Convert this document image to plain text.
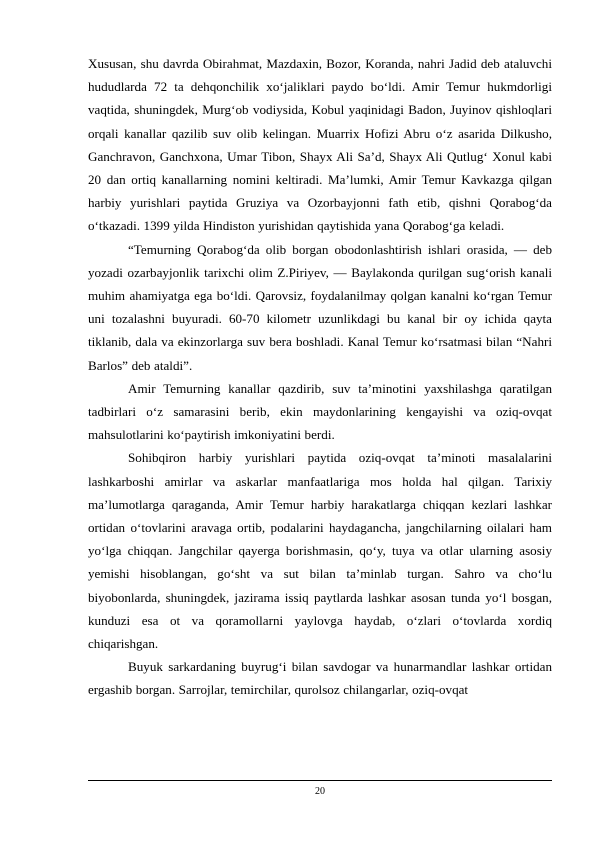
Xususan, shu davrda Obirahmat, Mazdaxin, Bozor, Koranda, nahri Jadid deb ataluvchi hududlarda 72 ta dehqonchilik xo‘jaliklari paydo bo‘ldi. Amir Temur hukmdorligi vaqtida, shuningdek, Murg‘ob vodiysida, Kobul yaqinidagi Badon, Juyinov qishloqlari orqali kanallar qazilib suv olib kelingan. Muarrix Hofizi Abru o‘z asarida Dilkusho, Ganchravon, Ganchxona, Umar Tibon, Shayx Ali Sa’d, Shayx Ali Qutlug‘ Xonul kabi 20 dan ortiq kanallarning nomini keltiradi. Ma’lumki, Amir Temur Kavkazga qilgan harbiy yurishlari paytida Gruziya va Ozorbayjonni fath etib, qishni Qorabog‘da o‘tkazadi. 1399 yilda Hindiston yurishidan qaytishida yana Qorabog‘ga keladi.

“Temurning Qorabog‘da olib borgan obodonlashtirish ishlari orasida, — deb yozadi ozarbayjonlik tarixchi olim Z.Piriyev, — Baylakonda qurilgan sug‘orish kanali muhim ahamiyatga ega bo‘ldi. Qarovsiz, foydalanilmay qolgan kanalni ko‘rgan Temur uni tozalashni buyuradi. 60-70 kilometr uzunlikdagi bu kanal bir oy ichida qayta tiklanib, dala va ekinzorlarga suv bera boshladi. Kanal Temur ko‘rsatmasi bilan “Nahri Barlos” deb ataldi”.

Amir Temurning kanallar qazdirib, suv ta’minotini yaxshilashga qaratilgan tadbirlari o‘z samarasini berib, ekin maydonlarining kengayishi va oziq-ovqat mahsulotlarini ko‘paytirish imkoniyatini berdi.

Sohibqiron harbiy yurishlari paytida oziq-ovqat ta’minoti masalalarini lashkarboshi amirlar va askarlar manfaatlariga mos holda hal qilgan. Tarixiy ma’lumotlarga qaraganda, Amir Temur harbiy harakatlarga chiqqan kezlari lashkar ortidan o‘tovlarini aravaga ortib, podalarini haydagancha, jangchilarning oilalari ham yo‘lga chiqqan. Jangchilar qayerga borishmasin, qo‘y, tuya va otlar ularning asosiy yemishi hisoblangan, go‘sht va sut bilan ta’minlab turgan. Sahro va cho‘lu biyobonlarda, shuningdek, jazirama issiq paytlarda lashkar asosan tunda yo‘l bosgan, kunduzi esa ot va qoramollarni yaylovga haydab, o‘zlari o‘tovlarda xordiq chiqarishgan.

Buyuk sarkardaning buyrug‘i bilan savdogar va hunarmandlar lashkar ortidan ergashib borgan. Sarrojlar, temirchilar, qurolsoz chilangarlar, oziq-ovqat

20
